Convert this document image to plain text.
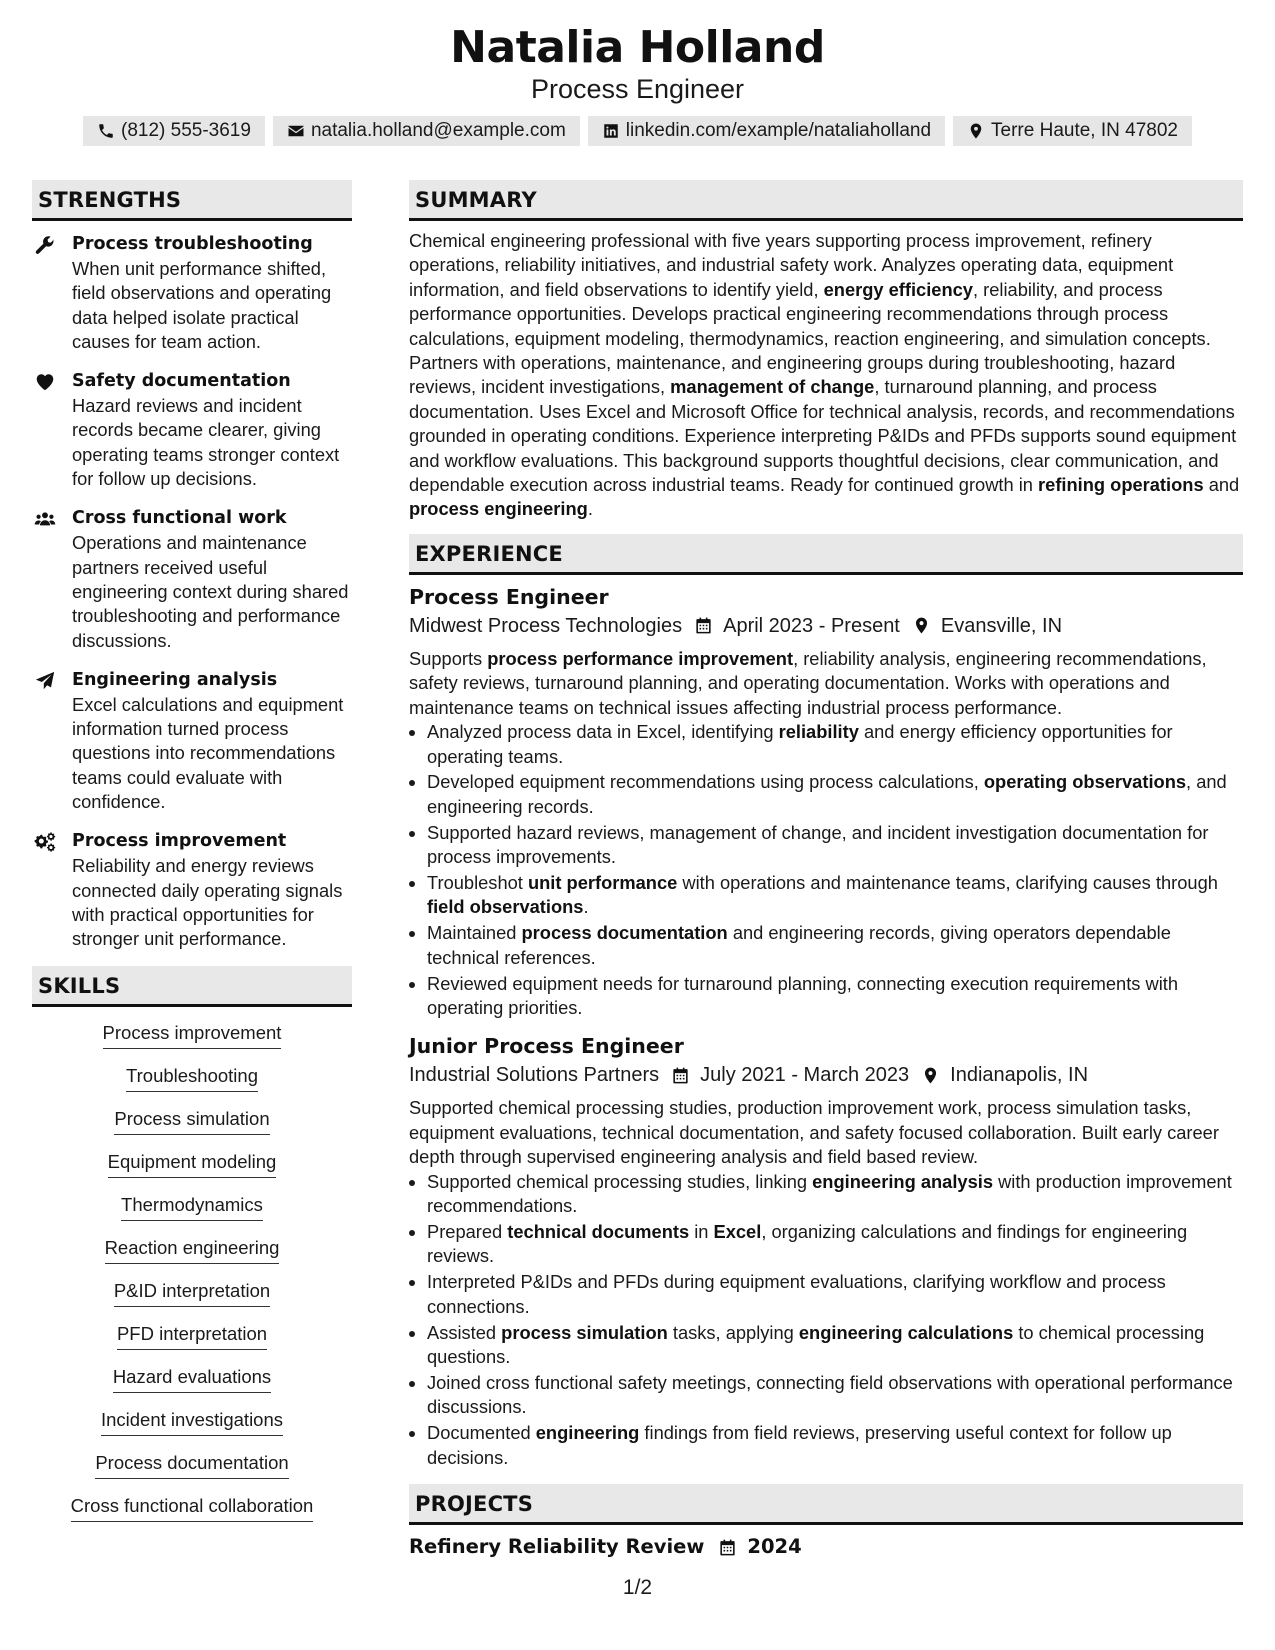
Natalia Holland
Process Engineer
(812) 555-3619	natalia.holland@example.com	linkedin.com/example/nataliaholland	Terre Haute, IN 47802
STRENGTHS
Process troubleshooting
When unit performance shifted, field observations and operating data helped isolate practical causes for team action.
Safety documentation
Hazard reviews and incident records became clearer, giving operating teams stronger context for follow up decisions.
Cross functional work
Operations and maintenance partners received useful engineering context during shared troubleshooting and performance discussions.
Engineering analysis
Excel calculations and equipment information turned process questions into recommendations teams could evaluate with confidence.
Process improvement
Reliability and energy reviews connected daily operating signals with practical opportunities for stronger unit performance.
SKILLS
Process improvement
Troubleshooting
Process simulation
Equipment modeling
Thermodynamics
Reaction engineering
P&ID interpretation
PFD interpretation
Hazard evaluations
Incident investigations
Process documentation
Cross functional collaboration
SUMMARY
Chemical engineering professional with five years supporting process improvement, refinery operations, reliability initiatives, and industrial safety work. Analyzes operating data, equipment information, and field observations to identify yield, energy efficiency, reliability, and process performance opportunities. Develops practical engineering recommendations through process calculations, equipment modeling, thermodynamics, reaction engineering, and simulation concepts. Partners with operations, maintenance, and engineering groups during troubleshooting, hazard reviews, incident investigations, management of change, turnaround planning, and process documentation. Uses Excel and Microsoft Office for technical analysis, records, and recommendations grounded in operating conditions. Experience interpreting P&IDs and PFDs supports sound equipment and workflow evaluations. This background supports thoughtful decisions, clear communication, and dependable execution across industrial teams. Ready for continued growth in refining operations and process engineering.
EXPERIENCE
Process Engineer
Midwest Process Technologies April 2023 - Present Evansville, IN
Supports process performance improvement, reliability analysis, engineering recommendations, safety reviews, turnaround planning, and operating documentation. Works with operations and maintenance teams on technical issues affecting industrial process performance.
• Analyzed process data in Excel, identifying reliability and energy efficiency opportunities for operating teams.
• Developed equipment recommendations using process calculations, operating observations, and engineering records.
• Supported hazard reviews, management of change, and incident investigation documentation for process improvements.
• Troubleshot unit performance with operations and maintenance teams, clarifying causes through field observations.
• Maintained process documentation and engineering records, giving operators dependable technical references.
• Reviewed equipment needs for turnaround planning, connecting execution requirements with operating priorities.
Junior Process Engineer
Industrial Solutions Partners July 2021 - March 2023 Indianapolis, IN
Supported chemical processing studies, production improvement work, process simulation tasks, equipment evaluations, technical documentation, and safety focused collaboration. Built early career depth through supervised engineering analysis and field based review.
• Supported chemical processing studies, linking engineering analysis with production improvement recommendations.
• Prepared technical documents in Excel, organizing calculations and findings for engineering reviews.
• Interpreted P&IDs and PFDs during equipment evaluations, clarifying workflow and process connections.
• Assisted process simulation tasks, applying engineering calculations to chemical processing questions.
• Joined cross functional safety meetings, connecting field observations with operational performance discussions.
• Documented engineering findings from field reviews, preserving useful context for follow up decisions.
PROJECTS
Refinery Reliability Review 2024
1/2
